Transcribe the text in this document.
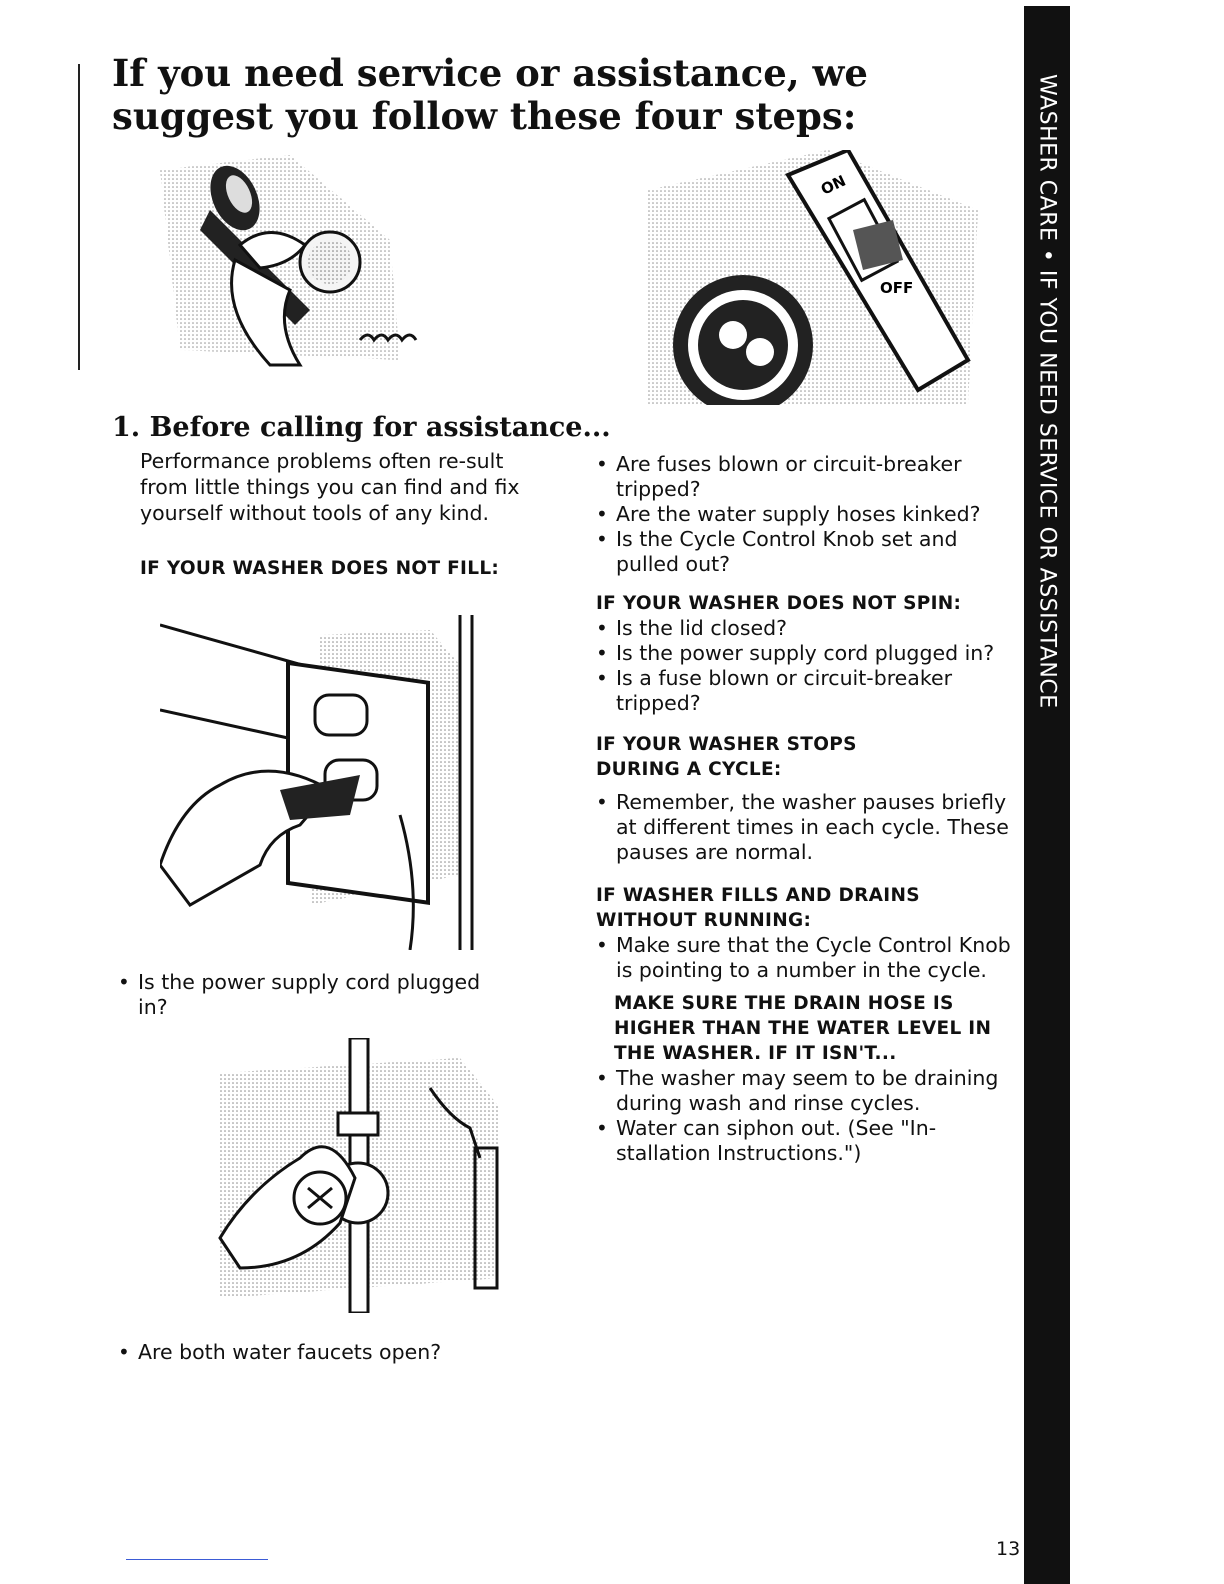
If you need service or assistance, we suggest you follow these four steps:	WASHER CARE • IF YOU NEED SERVICE OR ASSISTANCE
ON
OFF
1. Before calling for assistance...
Performance problems often re-sult from little things you can find and fix yourself without tools of any kind.

IF YOUR WASHER DOES NOT FILL:

• Is the power supply cord plugged in?
• Are both water faucets open?
• Are fuses blown or circuit-breaker tripped?
• Are the water supply hoses kinked?
• Is the Cycle Control Knob set and pulled out?

IF YOUR WASHER DOES NOT SPIN:

• Is the lid closed?
• Is the power supply cord plugged in?
• Is a fuse blown or circuit-breaker tripped?

IF YOUR WASHER STOPS DURING A CYCLE:

• Remember, the washer pauses briefly at different times in each cycle. These pauses are normal.

IF WASHER FILLS AND DRAINS WITHOUT RUNNING:

• Make sure that the Cycle Control Knob is pointing to a number in the cycle.

MAKE SURE THE DRAIN HOSE IS HIGHER THAN THE WATER LEVEL IN THE WASHER. IF IT ISN'T...

• The washer may seem to be draining during wash and rinse cycles.
• Water can siphon out. (See "In-stallation Instructions.")
13
